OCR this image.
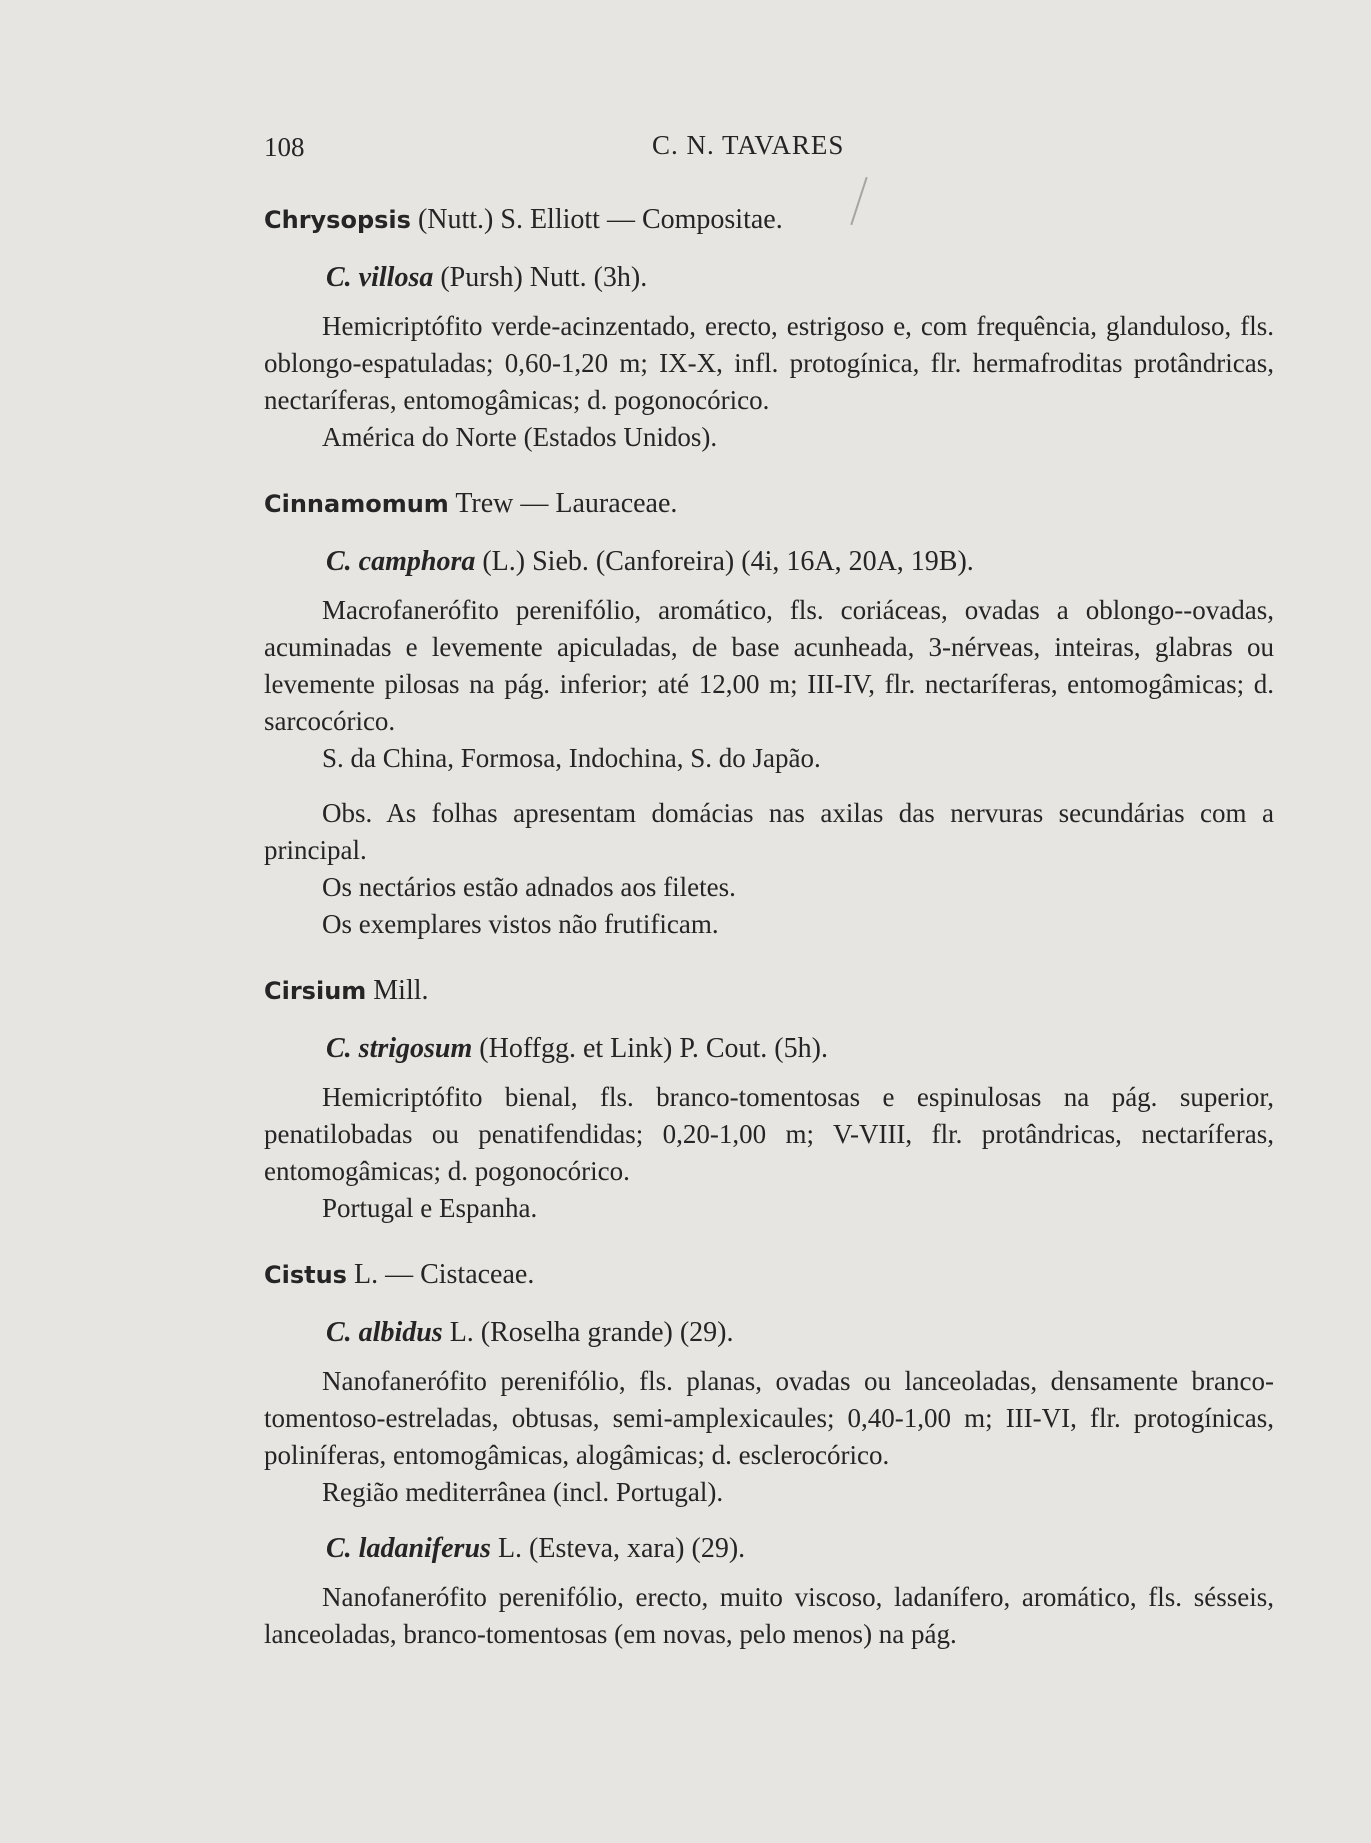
108	C. N. TAVARES

Chrysopsis (Nutt.) S. Elliott — Compositae.

C. villosa (Pursh) Nutt. (3h).

Hemicriptófito verde-acinzentado, erecto, estrigoso e, com frequência, glanduloso, fls. oblongo-espatuladas; 0,60-1,20 m; IX-X, infl. protogínica, flr. hermafroditas protândricas, nectaríferas, entomogâmicas; d. pogonocórico.

América do Norte (Estados Unidos).

Cinnamomum Trew — Lauraceae.

C. camphora (L.) Sieb. (Canforeira) (4i, 16A, 20A, 19B).

Macrofanerófito perenifólio, aromático, fls. coriáceas, ovadas a oblongo--ovadas, acuminadas e levemente apiculadas, de base acunheada, 3-nérveas, inteiras, glabras ou levemente pilosas na pág. inferior; até 12,00 m; III-IV, flr. nectaríferas, entomogâmicas; d. sarcocórico.

S. da China, Formosa, Indochina, S. do Japão.

Obs. As folhas apresentam domácias nas axilas das nervuras secundárias com a principal.

Os nectários estão adnados aos filetes.

Os exemplares vistos não frutificam.

Cirsium Mill.

C. strigosum (Hoffgg. et Link) P. Cout. (5h).

Hemicriptófito bienal, fls. branco-tomentosas e espinulosas na pág. superior, penatilobadas ou penatifendidas; 0,20-1,00 m; V-VIII, flr. protândricas, nectaríferas, entomogâmicas; d. pogonocórico.

Portugal e Espanha.

Cistus L. — Cistaceae.

C. albidus L. (Roselha grande) (29).

Nanofanerófito perenifólio, fls. planas, ovadas ou lanceoladas, densamente branco-tomentoso-estreladas, obtusas, semi-amplexicaules; 0,40-1,00 m; III-VI, flr. protogínicas, poliníferas, entomogâmicas, alogâmicas; d. esclerocórico.

Região mediterrânea (incl. Portugal).

C. ladaniferus L. (Esteva, xara) (29).

Nanofanerófito perenifólio, erecto, muito viscoso, ladanífero, aromático, fls. sésseis, lanceoladas, branco-tomentosas (em novas, pelo menos) na pág.
